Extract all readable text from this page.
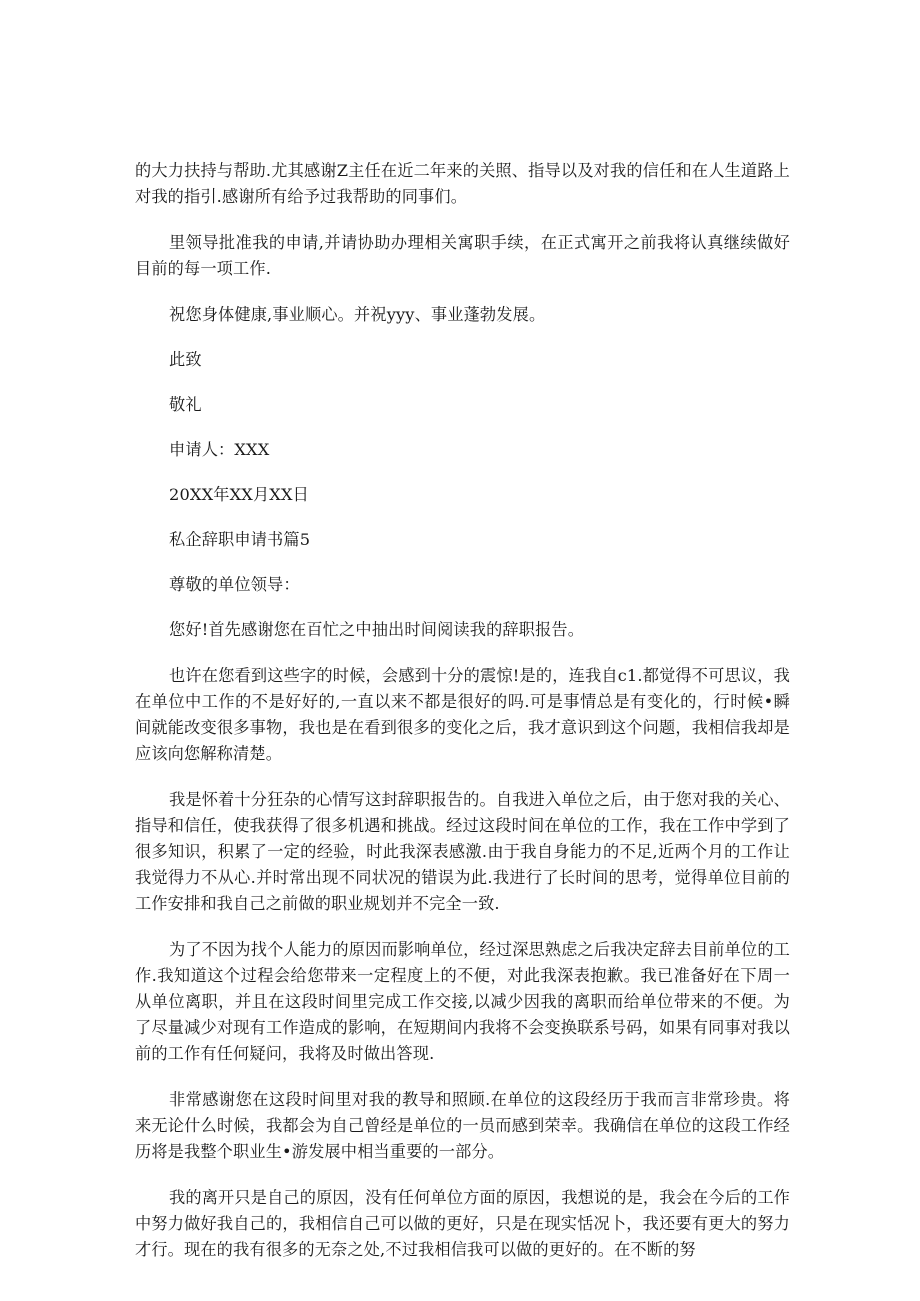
的大力扶持与帮助.尤其感谢Z主任在近二年来的关照、指导以及对我的信任和在人生道路上对我的指引.感谢所有给予过我帮助的同事们。

里领导批准我的申请,并请协助办理相关寓职手续，在正式寓开之前我将认真继续做好目前的每一项工作.

祝您身体健康,事业顺心。并祝yyy、事业蓬勃发展。

此致

敬礼

申请人：XXX

20XX年XX月XX日

私企辞职申请书篇5

尊敬的单位领导：

您好!首先感谢您在百忙之中抽出时间阅读我的辞职报告。

也许在您看到这些字的时候，会感到十分的震惊!是的，连我自c1.都觉得不可思议，我在单位中工作的不是好好的,一直以来不都是很好的吗.可是事情总是有变化的，行时候•瞬间就能改变很多事物，我也是在看到很多的变化之后，我才意识到这个问题，我相信我却是应该向您解称清楚。

我是怀着十分狂杂的心情写这封辞职报告的。自我进入单位之后，由于您对我的关心、指导和信任，使我获得了很多机遇和挑战。经过这段时间在单位的工作，我在工作中学到了很多知识，积累了一定的经验，时此我深表感激.由于我自身能力的不足,近两个月的工作让我觉得力不从心.并时常出现不同状况的错误为此.我进行了长时间的思考，觉得单位目前的工作安排和我自己之前做的职业规划并不完全一致.

为了不因为找个人能力的原因而影响单位，经过深思熟虑之后我决定辞去目前单位的工作.我知道这个过程会给您带来一定程度上的不便，对此我深表抱歉。我已准备好在下周一从单位离职，并且在这段时间里完成工作交接,以减少因我的离职而给单位带来的不便。为了尽量减少对现有工作造成的影响，在短期间内我将不会变换联系号码，如果有同事对我以前的工作有任何疑问，我将及时做出答现.

非常感谢您在这段时间里对我的教导和照顾.在单位的这段经历于我而言非常珍贵。将来无论什么时候，我都会为自己曾经是单位的一员而感到荣幸。我确信在单位的这段工作经历将是我整个职业生•游发展中相当重要的一部分。

我的离开只是自己的原因，没有任何单位方面的原因，我想说的是，我会在今后的工作中努力做好我自己的，我相信自己可以做的更好，只是在现实恬况卜，我还要有更大的努力才行。现在的我有很多的无奈之处,不过我相信我可以做的更好的。在不断的努
